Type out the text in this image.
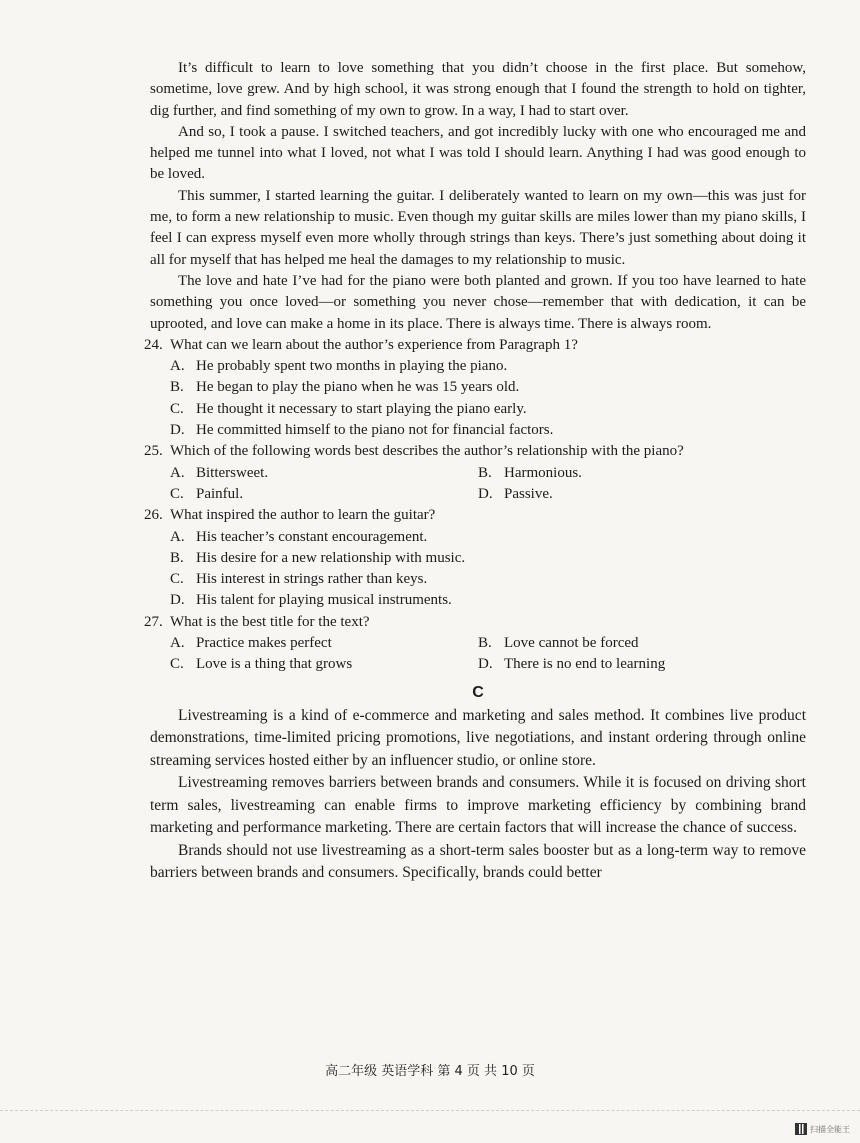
It’s difficult to learn to love something that you didn’t choose in the first place. But somehow, sometime, love grew. And by high school, it was strong enough that I found the strength to hold on tighter, dig further, and find something of my own to grow. In a way, I had to start over.

And so, I took a pause. I switched teachers, and got incredibly lucky with one who encouraged me and helped me tunnel into what I loved, not what I was told I should learn. Anything I had was good enough to be loved.

This summer, I started learning the guitar. I deliberately wanted to learn on my own—this was just for me, to form a new relationship to music. Even though my guitar skills are miles lower than my piano skills, I feel I can express myself even more wholly through strings than keys. There’s just something about doing it all for myself that has helped me heal the damages to my relationship to music.

The love and hate I’ve had for the piano were both planted and grown. If you too have learned to hate something you once loved—or something you never chose—remember that with dedication, it can be uprooted, and love can make a home in its place. There is always time. There is always room.

24. What can we learn about the author’s experience from Paragraph 1?
A. He probably spent two months in playing the piano.
B. He began to play the piano when he was 15 years old.
C. He thought it necessary to start playing the piano early.
D. He committed himself to the piano not for financial factors.
25. Which of the following words best describes the author’s relationship with the piano?
A. Bittersweet.	B. Harmonious.
C. Painful.	D. Passive.
26. What inspired the author to learn the guitar?
A. His teacher’s constant encouragement.
B. His desire for a new relationship with music.
C. His interest in strings rather than keys.
D. His talent for playing musical instruments.
27. What is the best title for the text?
A. Practice makes perfect	B. Love cannot be forced
C. Love is a thing that grows	D. There is no end to learning
C

Livestreaming is a kind of e-commerce and marketing and sales method. It combines live product demonstrations, time-limited pricing promotions, live negotiations, and instant ordering through online streaming services hosted either by an influencer studio, or online store.

Livestreaming removes barriers between brands and consumers. While it is focused on driving short term sales, livestreaming can enable firms to improve marketing efficiency by combining brand marketing and performance marketing. There are certain factors that will increase the chance of success.

Brands should not use livestreaming as a short-term sales booster but as a long-term way to remove barriers between brands and consumers. Specifically, brands could better

高二年级 英语学科 第 4 页 共 10 页
扫描全能王
